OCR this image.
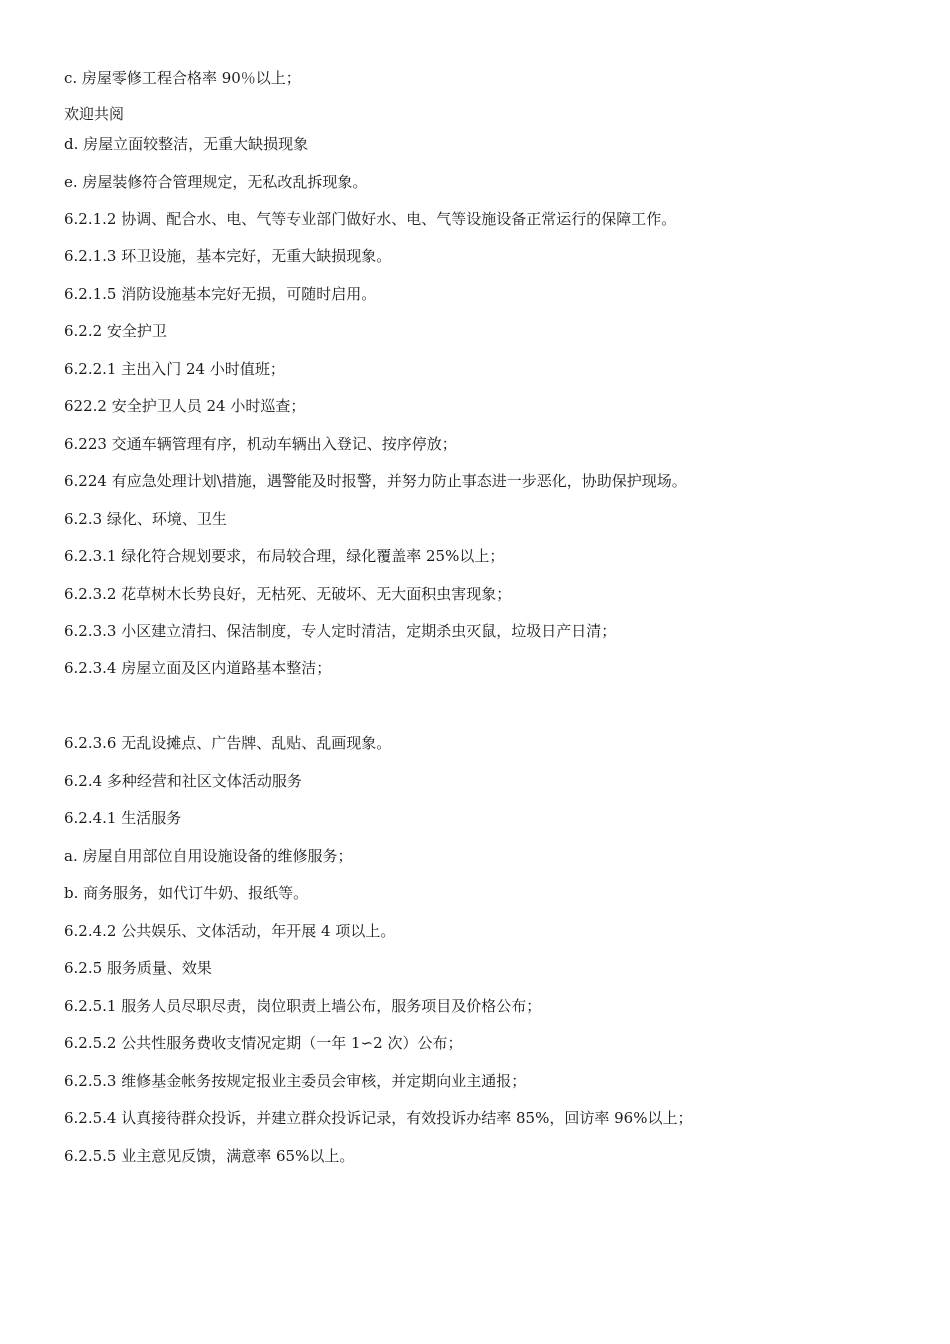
c. 房屋零修工程合格率 90％以上；
欢迎共阅
d. 房屋立面较整洁，无重大缺损现象
e. 房屋装修符合管理规定，无私改乱拆现象。
6.2.1.2 协调、配合水、电、气等专业部门做好水、电、气等设施设备正常运行的保障工作。
6.2.1.3 环卫设施，基本完好，无重大缺损现象。
6.2.1.5 消防设施基本完好无损，可随时启用。
6.2.2 安全护卫
6.2.2.1 主出入门 24 小时值班；
622.2 安全护卫人员 24 小时巡查；
6.223 交通车辆管理有序，机动车辆出入登记、按序停放；
6.224 有应急处理计划\措施，遇警能及时报警，并努力防止事态进一步恶化，协助保护现场。
6.2.3 绿化、环境、卫生
6.2.3.1 绿化符合规划要求，布局较合理，绿化覆盖率 25%以上；
6.2.3.2 花草树木长势良好，无枯死、无破坏、无大面积虫害现象；
6.2.3.3 小区建立清扫、保洁制度，专人定时清洁，定期杀虫灭鼠，垃圾日产日清；
6.2.3.4 房屋立面及区内道路基本整洁；
6.2.3.6 无乱设摊点、广告牌、乱贴、乱画现象。
6.2.4 多种经营和社区文体活动服务
6.2.4.1 生活服务
a. 房屋自用部位自用设施设备的维修服务；
b. 商务服务，如代订牛奶、报纸等。
6.2.4.2 公共娱乐、文体活动，年开展 4 项以上。
6.2.5 服务质量、效果
6.2.5.1 服务人员尽职尽责，岗位职责上墙公布，服务项目及价格公布；
6.2.5.2 公共性服务费收支情况定期（一年 1∽2 次）公布；
6.2.5.3 维修基金帐务按规定报业主委员会审核，并定期向业主通报；
6.2.5.4 认真接待群众投诉，并建立群众投诉记录，有效投诉办结率 85%，回访率 96%以上；
6.2.5.5 业主意见反馈，满意率 65%以上。
